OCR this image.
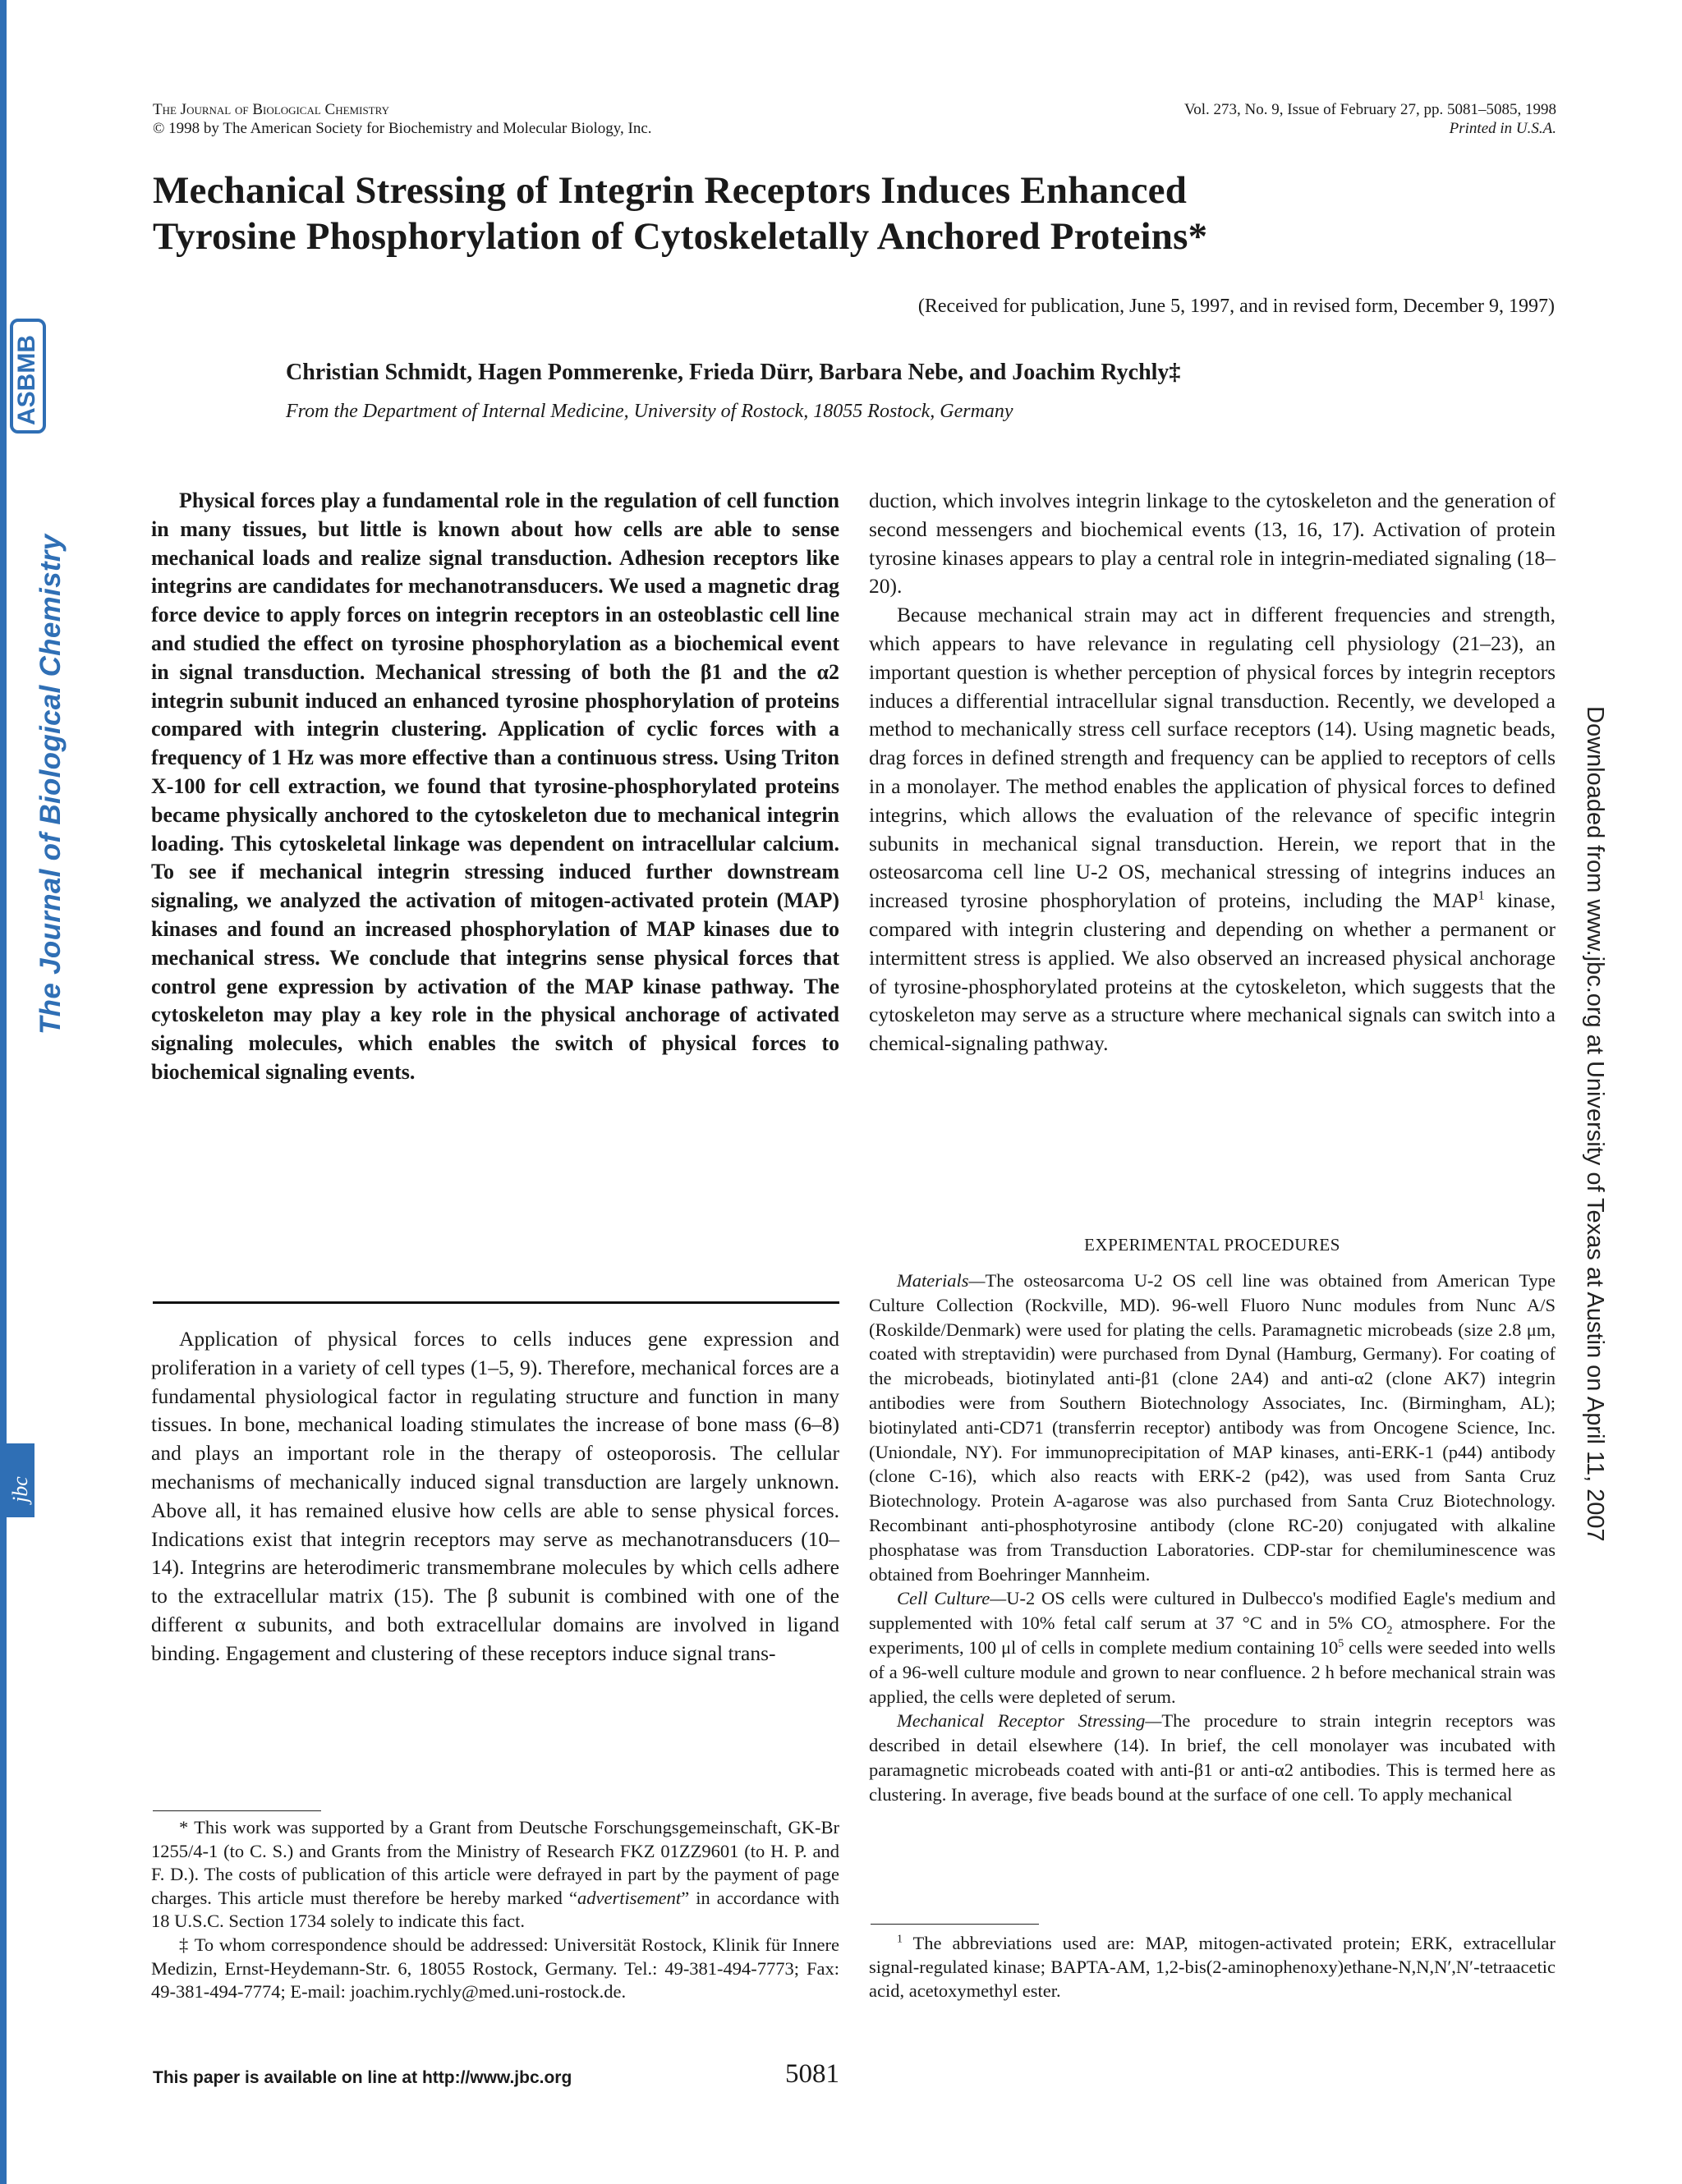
ASBMB
The Journal of Biological Chemistry
jbc	Downloaded from www.jbc.org at University of Texas at Austin on April 11, 2007
The Journal of Biological Chemistry
© 1998 by The American Society for Biochemistry and Molecular Biology, Inc.
Vol. 273, No. 9, Issue of February 27, pp. 5081–5085, 1998
Printed in U.S.A.
Mechanical Stressing of Integrin Receptors Induces Enhanced
Tyrosine Phosphorylation of Cytoskeletally Anchored Proteins*
(Received for publication, June 5, 1997, and in revised form, December 9, 1997)
Christian Schmidt, Hagen Pommerenke, Frieda Dürr, Barbara Nebe, and Joachim Rychly‡
From the Department of Internal Medicine, University of Rostock, 18055 Rostock, Germany

Physical forces play a fundamental role in the regulation of cell function in many tissues, but little is known about how cells are able to sense mechanical loads and realize signal transduction. Adhesion receptors like integrins are candidates for mechanotransducers. We used a magnetic drag force device to apply forces on integrin receptors in an osteoblastic cell line and studied the effect on tyrosine phosphorylation as a biochemical event in signal transduction. Mechanical stressing of both the β1 and the α2 integrin subunit induced an enhanced tyrosine phosphorylation of proteins compared with integrin clustering. Application of cyclic forces with a frequency of 1 Hz was more effective than a continuous stress. Using Triton X-100 for cell extraction, we found that tyrosine-phosphorylated proteins became physically anchored to the cytoskeleton due to mechanical integrin loading. This cytoskeletal linkage was dependent on intracellular calcium. To see if mechanical integrin stressing induced further downstream signaling, we analyzed the activation of mitogen-activated protein (MAP) kinases and found an increased phosphorylation of MAP kinases due to mechanical stress. We conclude that integrins sense physical forces that control gene expression by activation of the MAP kinase pathway. The cytoskeleton may play a key role in the physical anchorage of activated signaling molecules, which enables the switch of physical forces to biochemical signaling events.

Application of physical forces to cells induces gene expression and proliferation in a variety of cell types (1–5, 9). Therefore, mechanical forces are a fundamental physiological factor in regulating structure and function in many tissues. In bone, mechanical loading stimulates the increase of bone mass (6–8) and plays an important role in the therapy of osteoporosis. The cellular mechanisms of mechanically induced signal transduction are largely unknown. Above all, it has remained elusive how cells are able to sense physical forces. Indications exist that integrin receptors may serve as mechanotransducers (10–14). Integrins are heterodimeric transmembrane molecules by which cells adhere to the extracellular matrix (15). The β subunit is combined with one of the different α subunits, and both extracellular domains are involved in ligand binding. Engagement and clustering of these receptors induce signal trans-

* This work was supported by a Grant from Deutsche Forschungsgemeinschaft, GK-Br 1255/4-1 (to C. S.) and Grants from the Ministry of Research FKZ 01ZZ9601 (to H. P. and F. D.). The costs of publication of this article were defrayed in part by the payment of page charges. This article must therefore be hereby marked “advertisement” in accordance with 18 U.S.C. Section 1734 solely to indicate this fact.

‡ To whom correspondence should be addressed: Universität Rostock, Klinik für Innere Medizin, Ernst-Heydemann-Str. 6, 18055 Rostock, Germany. Tel.: 49-381-494-7773; Fax: 49-381-494-7774; E-mail: joachim.rychly@med.uni-rostock.de.

duction, which involves integrin linkage to the cytoskeleton and the generation of second messengers and biochemical events (13, 16, 17). Activation of protein tyrosine kinases appears to play a central role in integrin-mediated signaling (18–20).

Because mechanical strain may act in different frequencies and strength, which appears to have relevance in regulating cell physiology (21–23), an important question is whether perception of physical forces by integrin receptors induces a differential intracellular signal transduction. Recently, we developed a method to mechanically stress cell surface receptors (14). Using magnetic beads, drag forces in defined strength and frequency can be applied to receptors of cells in a monolayer. The method enables the application of physical forces to defined integrins, which allows the evaluation of the relevance of specific integrin subunits in mechanical signal transduction. Herein, we report that in the osteosarcoma cell line U-2 OS, mechanical stressing of integrins induces an increased tyrosine phosphorylation of proteins, including the MAP$^1$ kinase, compared with integrin clustering and depending on whether a permanent or intermittent stress is applied. We also observed an increased physical anchorage of tyrosine-phosphorylated proteins at the cytoskeleton, which suggests that the cytoskeleton may serve as a structure where mechanical signals can switch into a chemical-signaling pathway.

EXPERIMENTAL PROCEDURES

Materials—The osteosarcoma U-2 OS cell line was obtained from American Type Culture Collection (Rockville, MD). 96-well Fluoro Nunc modules from Nunc A/S (Roskilde/Denmark) were used for plating the cells. Paramagnetic microbeads (size 2.8 μm, coated with streptavidin) were purchased from Dynal (Hamburg, Germany). For coating of the microbeads, biotinylated anti-β1 (clone 2A4) and anti-α2 (clone AK7) integrin antibodies were from Southern Biotechnology Associates, Inc. (Birmingham, AL); biotinylated anti-CD71 (transferrin receptor) antibody was from Oncogene Science, Inc. (Uniondale, NY). For immunoprecipitation of MAP kinases, anti-ERK-1 (p44) antibody (clone C-16), which also reacts with ERK-2 (p42), was used from Santa Cruz Biotechnology. Protein A-agarose was also purchased from Santa Cruz Biotechnology. Recombinant anti-phosphotyrosine antibody (clone RC-20) conjugated with alkaline phosphatase was from Transduction Laboratories. CDP-star for chemiluminescence was obtained from Boehringer Mannheim.

Cell Culture—U-2 OS cells were cultured in Dulbecco's modified Eagle's medium and supplemented with 10% fetal calf serum at 37 °C and in 5% $CO_2$ atmosphere. For the experiments, 100 μl of cells in complete medium containing $10^5$ cells were seeded into wells of a 96-well culture module and grown to near confluence. 2 h before mechanical strain was applied, the cells were depleted of serum.

Mechanical Receptor Stressing—The procedure to strain integrin receptors was described in detail elsewhere (14). In brief, the cell monolayer was incubated with paramagnetic microbeads coated with anti-β1 or anti-α2 antibodies. This is termed here as clustering. In average, five beads bound at the surface of one cell. To apply mechanical

$^1$ The abbreviations used are: MAP, mitogen-activated protein; ERK, extracellular signal-regulated kinase; BAPTA-AM, 1,2-bis(2-aminophenoxy)ethane-N,N,N′,N′-tetraacetic acid, acetoxymethyl ester.

This paper is available on line at http://www.jbc.org	5081
